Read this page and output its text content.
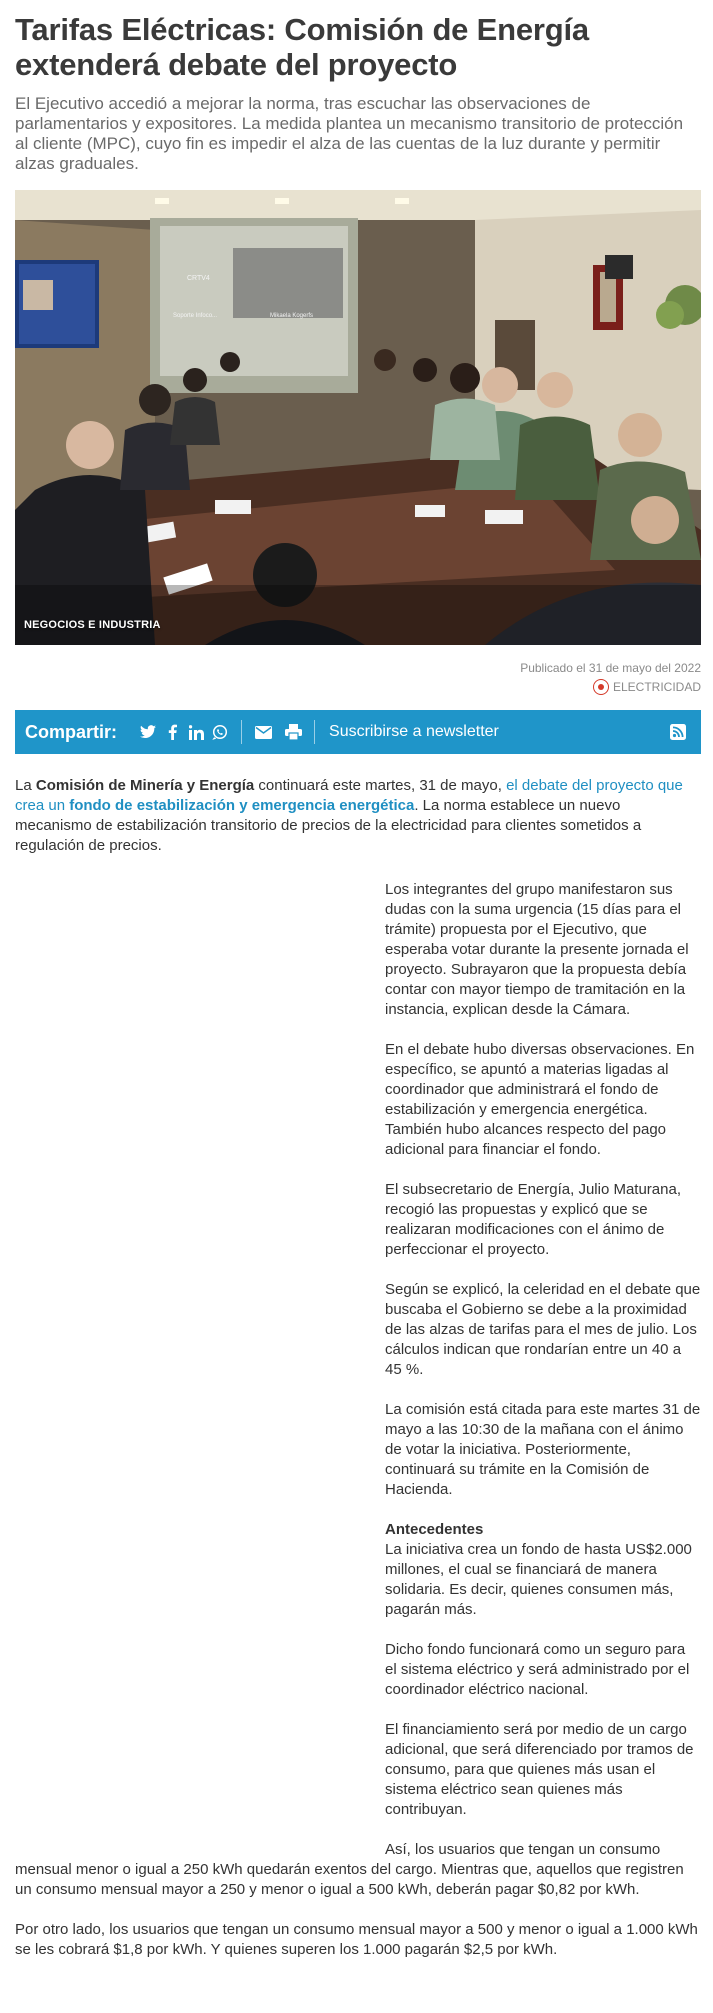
Tarifas Eléctricas: Comisión de Energía extenderá debate del proyecto

El Ejecutivo accedió a mejorar la norma, tras escuchar las observaciones de parlamentarios y expositores. La medida plantea un mecanismo transitorio de protección al cliente (MPC), cuyo fin es impedir el alza de las cuentas de la luz durante y permitir alzas graduales.

CRTV4
Soporte Infoco...	Mikaela Kogerfs
NEGOCIOS E INDUSTRIA
Publicado el 31 de mayo del 2022
ELECTRICIDAD
Compartir:	Suscribirse a newsletter

La Comisión de Minería y Energía continuará este martes, 31 de mayo, el debate del proyecto que crea un fondo de estabilización y emergencia energética. La norma establece un nuevo mecanismo de estabilización transitorio de precios de la electricidad para clientes sometidos a regulación de precios.

Los integrantes del grupo manifestaron sus dudas con la suma urgencia (15 días para el trámite) propuesta por el Ejecutivo, que esperaba votar durante la presente jornada el proyecto. Subrayaron que la propuesta debía contar con mayor tiempo de tramitación en la instancia, explican desde la Cámara.

En el debate hubo diversas observaciones. En específico, se apuntó a materias ligadas al coordinador que administrará el fondo de estabilización y emergencia energética. También hubo alcances respecto del pago adicional para financiar el fondo.

El subsecretario de Energía, Julio Maturana, recogió las propuestas y explicó que se realizaran modificaciones con el ánimo de perfeccionar el proyecto.

Según se explicó, la celeridad en el debate que buscaba el Gobierno se debe a la proximidad de las alzas de tarifas para el mes de julio. Los cálculos indican que rondarían entre un 40 a 45 %.

La comisión está citada para este martes 31 de mayo a las 10:30 de la mañana con el ánimo de votar la iniciativa. Posteriormente, continuará su trámite en la Comisión de Hacienda.

Antecedentes
La iniciativa crea un fondo de hasta US$2.000 millones, el cual se financiará de manera solidaria. Es decir, quienes consumen más, pagarán más.

Dicho fondo funcionará como un seguro para el sistema eléctrico y será administrado por el coordinador eléctrico nacional.

El financiamiento será por medio de un cargo adicional, que será diferenciado por tramos de consumo, para que quienes más usan el sistema eléctrico sean quienes más contribuyan.

Así, los usuarios que tengan un consumo

mensual menor o igual a 250 kWh quedarán exentos del cargo. Mientras que, aquellos que registren un consumo mensual mayor a 250 y menor o igual a 500 kWh, deberán pagar $0,82 por kWh.

Por otro lado, los usuarios que tengan un consumo mensual mayor a 500 y menor o igual a 1.000 kWh se les cobrará $1,8 por kWh. Y quienes superen los 1.000 pagarán $2,5 por kWh.
